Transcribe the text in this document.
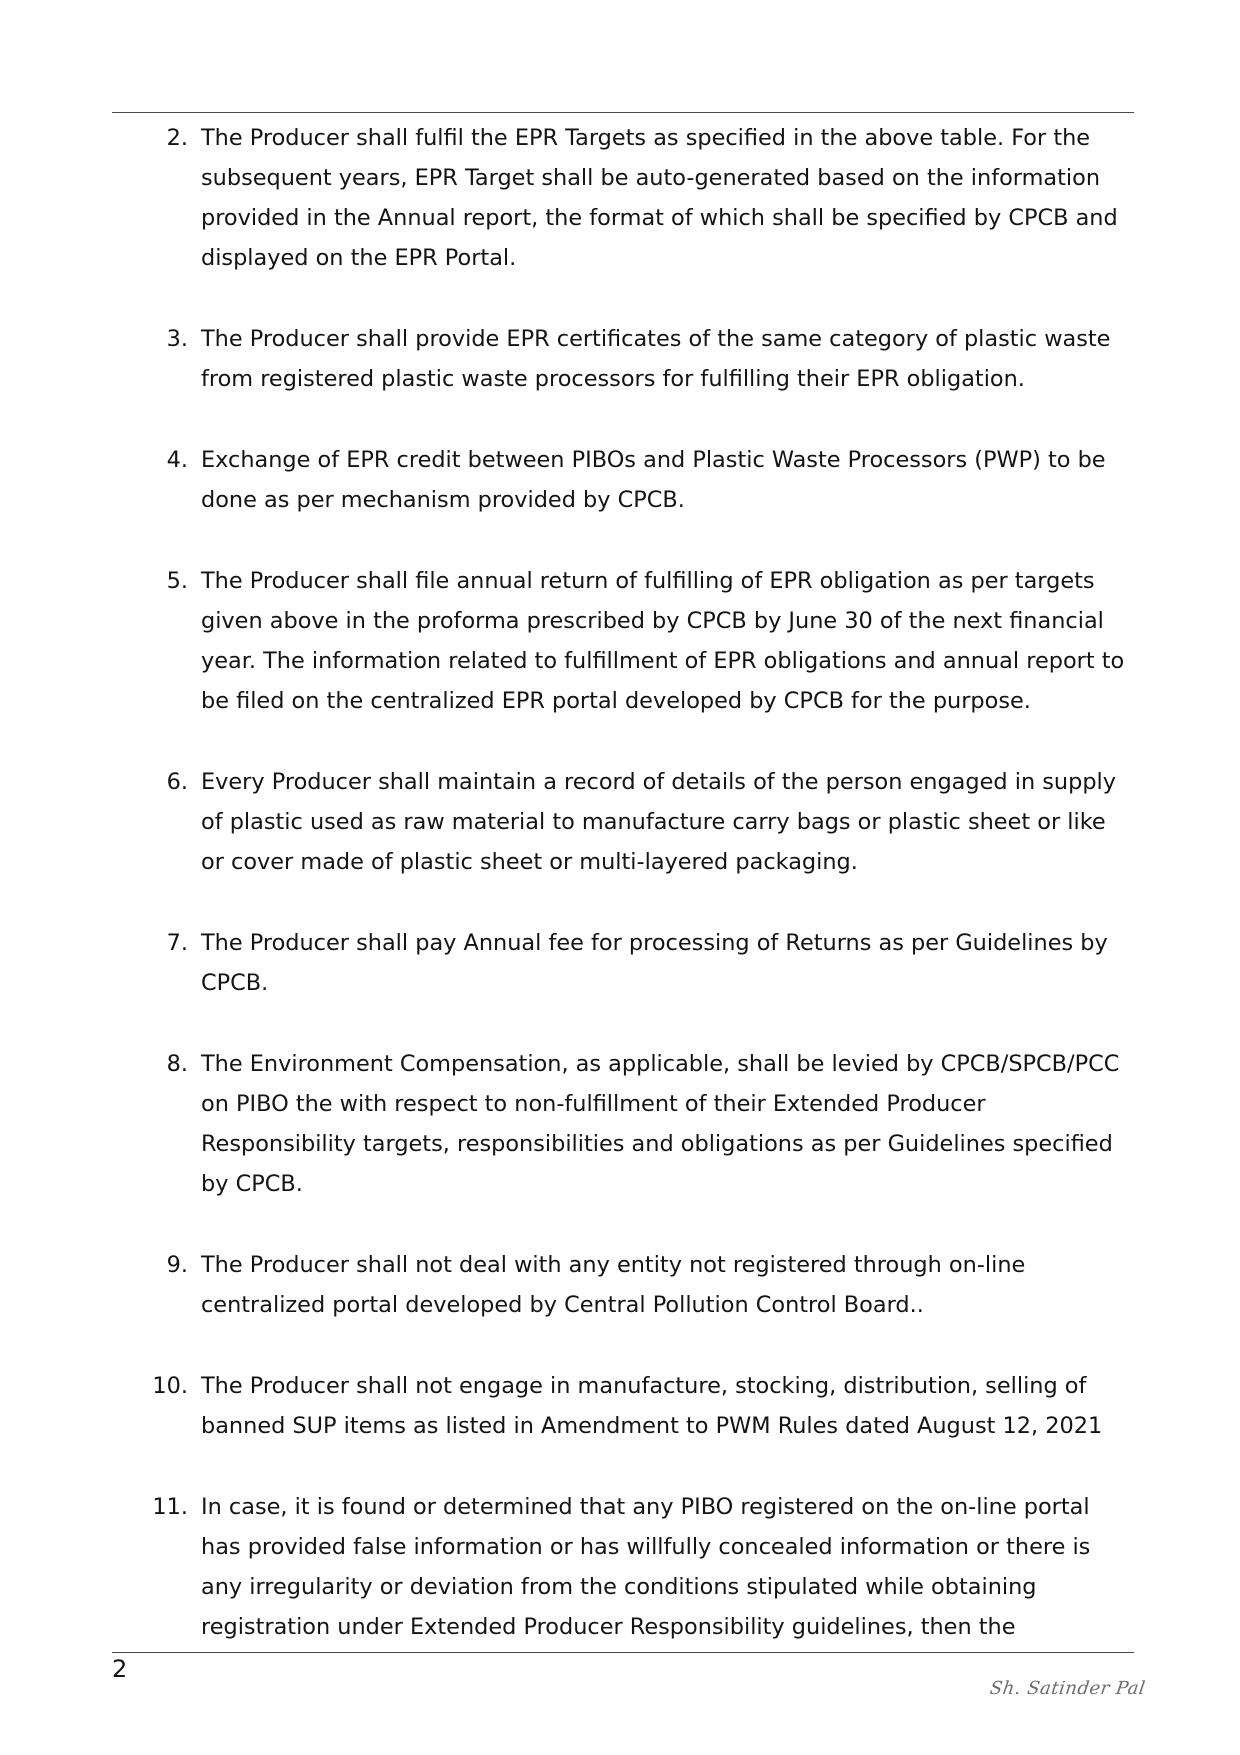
2. The Producer shall fulfil the EPR Targets as specified in the above table. For the subsequent years, EPR Target shall be auto-generated based on the information provided in the Annual report, the format of which shall be specified by CPCB and displayed on the EPR Portal.
3. The Producer shall provide EPR certificates of the same category of plastic waste from registered plastic waste processors for fulfilling their EPR obligation.
4. Exchange of EPR credit between PIBOs and Plastic Waste Processors (PWP) to be done as per mechanism provided by CPCB.
5. The Producer shall file annual return of fulfilling of EPR obligation as per targets given above in the proforma prescribed by CPCB by June 30 of the next financial year. The information related to fulfillment of EPR obligations and annual report to be filed on the centralized EPR portal developed by CPCB for the purpose.
6. Every Producer shall maintain a record of details of the person engaged in supply of plastic used as raw material to manufacture carry bags or plastic sheet or like or cover made of plastic sheet or multi-layered packaging.
7. The Producer shall pay Annual fee for processing of Returns as per Guidelines by CPCB.
8. The Environment Compensation, as applicable, shall be levied by CPCB/SPCB/PCC on PIBO the with respect to non-fulfillment of their Extended Producer Responsibility targets, responsibilities and obligations as per Guidelines specified by CPCB.
9. The Producer shall not deal with any entity not registered through on-line centralized portal developed by Central Pollution Control Board..
10. The Producer shall not engage in manufacture, stocking, distribution, selling of banned SUP items as listed in Amendment to PWM Rules dated August 12, 2021
11. In case, it is found or determined that any PIBO registered on the on-line portal has provided false information or has willfully concealed information or there is any irregularity or deviation from the conditions stipulated while obtaining registration under Extended Producer Responsibility guidelines, then the
2
Sh. Satinder Pal
